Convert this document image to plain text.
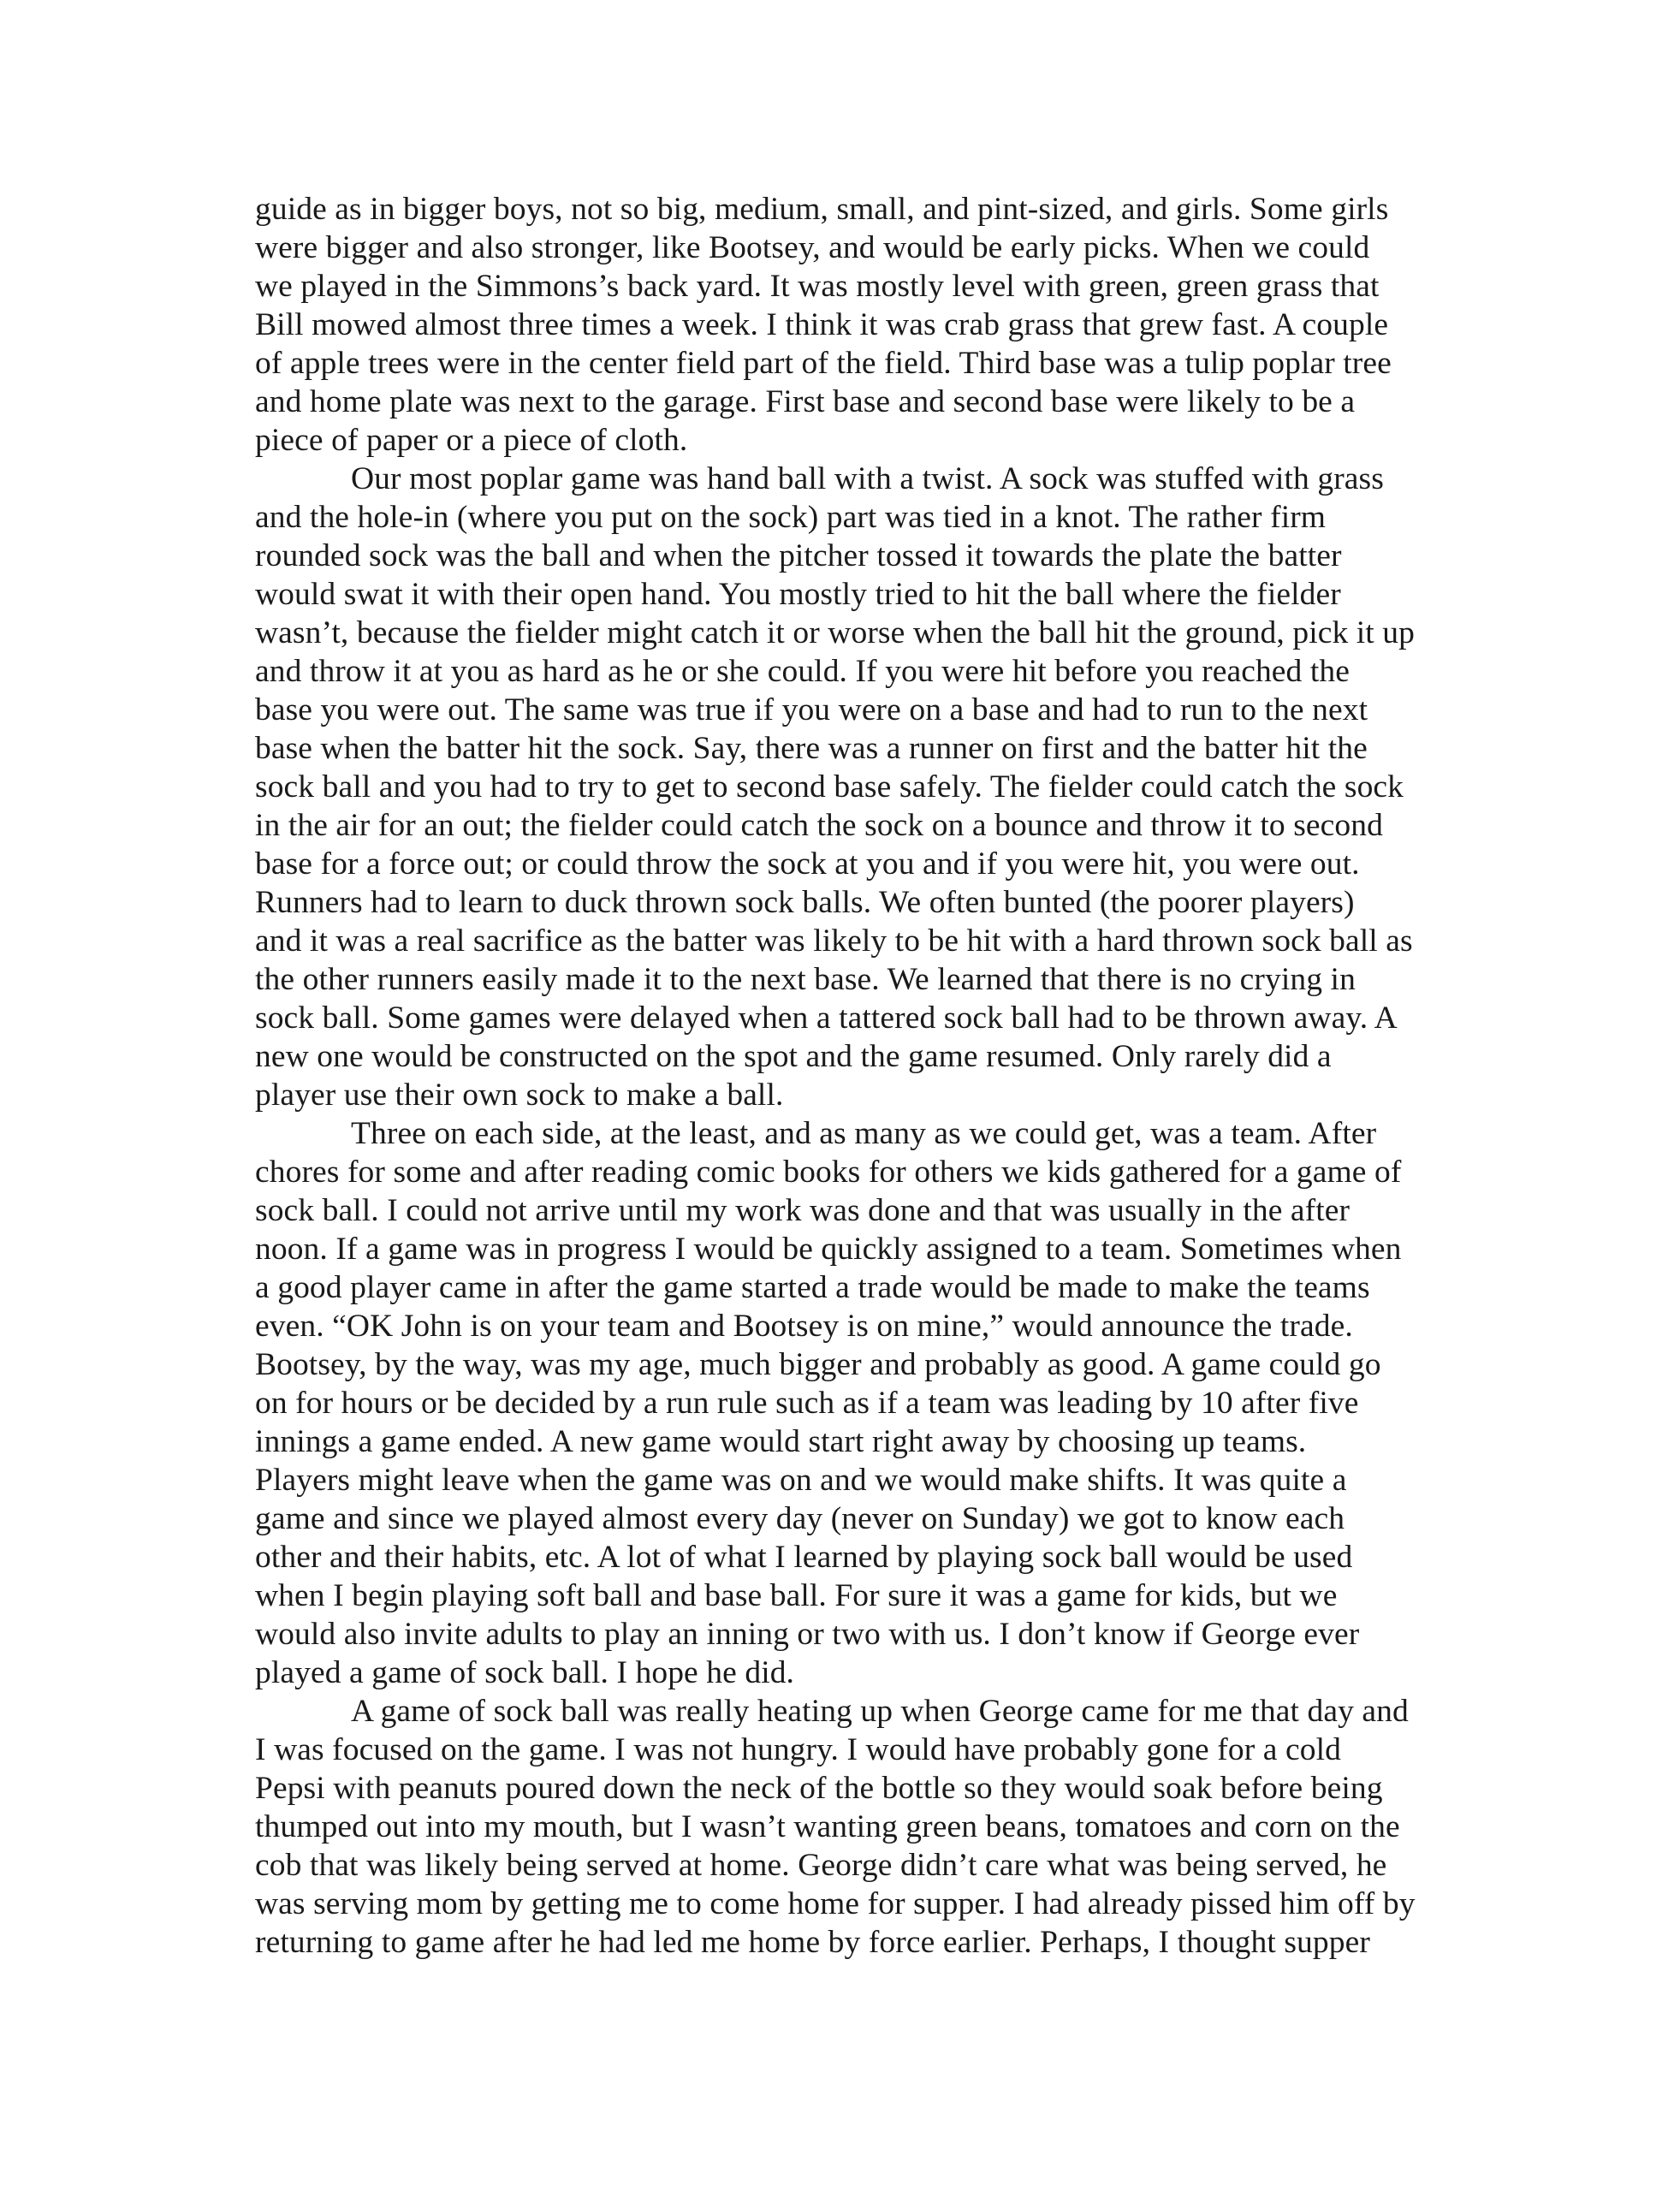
guide as in bigger boys, not so big, medium, small, and pint-sized, and girls. Some girls
were bigger and also stronger, like Bootsey, and would be early picks. When we could
we played in the Simmons’s back yard. It was mostly level with green, green grass that
Bill mowed almost three times a week. I think it was crab grass that grew fast. A couple
of apple trees were in the center field part of the field. Third base was a tulip poplar tree
and home plate was next to the garage. First base and second base were likely to be a
piece of paper or a piece of cloth.
Our most poplar game was hand ball with a twist. A sock was stuffed with grass
and the hole-in (where you put on the sock) part was tied in a knot. The rather firm
rounded sock was the ball and when the pitcher tossed it towards the plate the batter
would swat it with their open hand. You mostly tried to hit the ball where the fielder
wasn’t, because the fielder might catch it or worse when the ball hit the ground, pick it up
and throw it at you as hard as he or she could. If you were hit before you reached the
base you were out. The same was true if you were on a base and had to run to the next
base when the batter hit the sock. Say, there was a runner on first and the batter hit the
sock ball and you had to try to get to second base safely. The fielder could catch the sock
in the air for an out; the fielder could catch the sock on a bounce and throw it to second
base for a force out; or could throw the sock at you and if you were hit, you were out.
Runners had to learn to duck thrown sock balls. We often bunted (the poorer players)
and it was a real sacrifice as the batter was likely to be hit with a hard thrown sock ball as
the other runners easily made it to the next base. We learned that there is no crying in
sock ball. Some games were delayed when a tattered sock ball had to be thrown away. A
new one would be constructed on the spot and the game resumed. Only rarely did a
player use their own sock to make a ball.
Three on each side, at the least, and as many as we could get, was a team. After
chores for some and after reading comic books for others we kids gathered for a game of
sock ball. I could not arrive until my work was done and that was usually in the after
noon. If a game was in progress I would be quickly assigned to a team. Sometimes when
a good player came in after the game started a trade would be made to make the teams
even. “OK John is on your team and Bootsey is on mine,” would announce the trade.
Bootsey, by the way, was my age, much bigger and probably as good. A game could go
on for hours or be decided by a run rule such as if a team was leading by 10 after five
innings a game ended. A new game would start right away by choosing up teams.
Players might leave when the game was on and we would make shifts. It was quite a
game and since we played almost every day (never on Sunday) we got to know each
other and their habits, etc. A lot of what I learned by playing sock ball would be used
when I begin playing soft ball and base ball. For sure it was a game for kids, but we
would also invite adults to play an inning or two with us. I don’t know if George ever
played a game of sock ball. I hope he did.
A game of sock ball was really heating up when George came for me that day and
I was focused on the game. I was not hungry. I would have probably gone for a cold
Pepsi with peanuts poured down the neck of the bottle so they would soak before being
thumped out into my mouth, but I wasn’t wanting green beans, tomatoes and corn on the
cob that was likely being served at home. George didn’t care what was being served, he
was serving mom by getting me to come home for supper. I had already pissed him off by
returning to game after he had led me home by force earlier. Perhaps, I thought supper
